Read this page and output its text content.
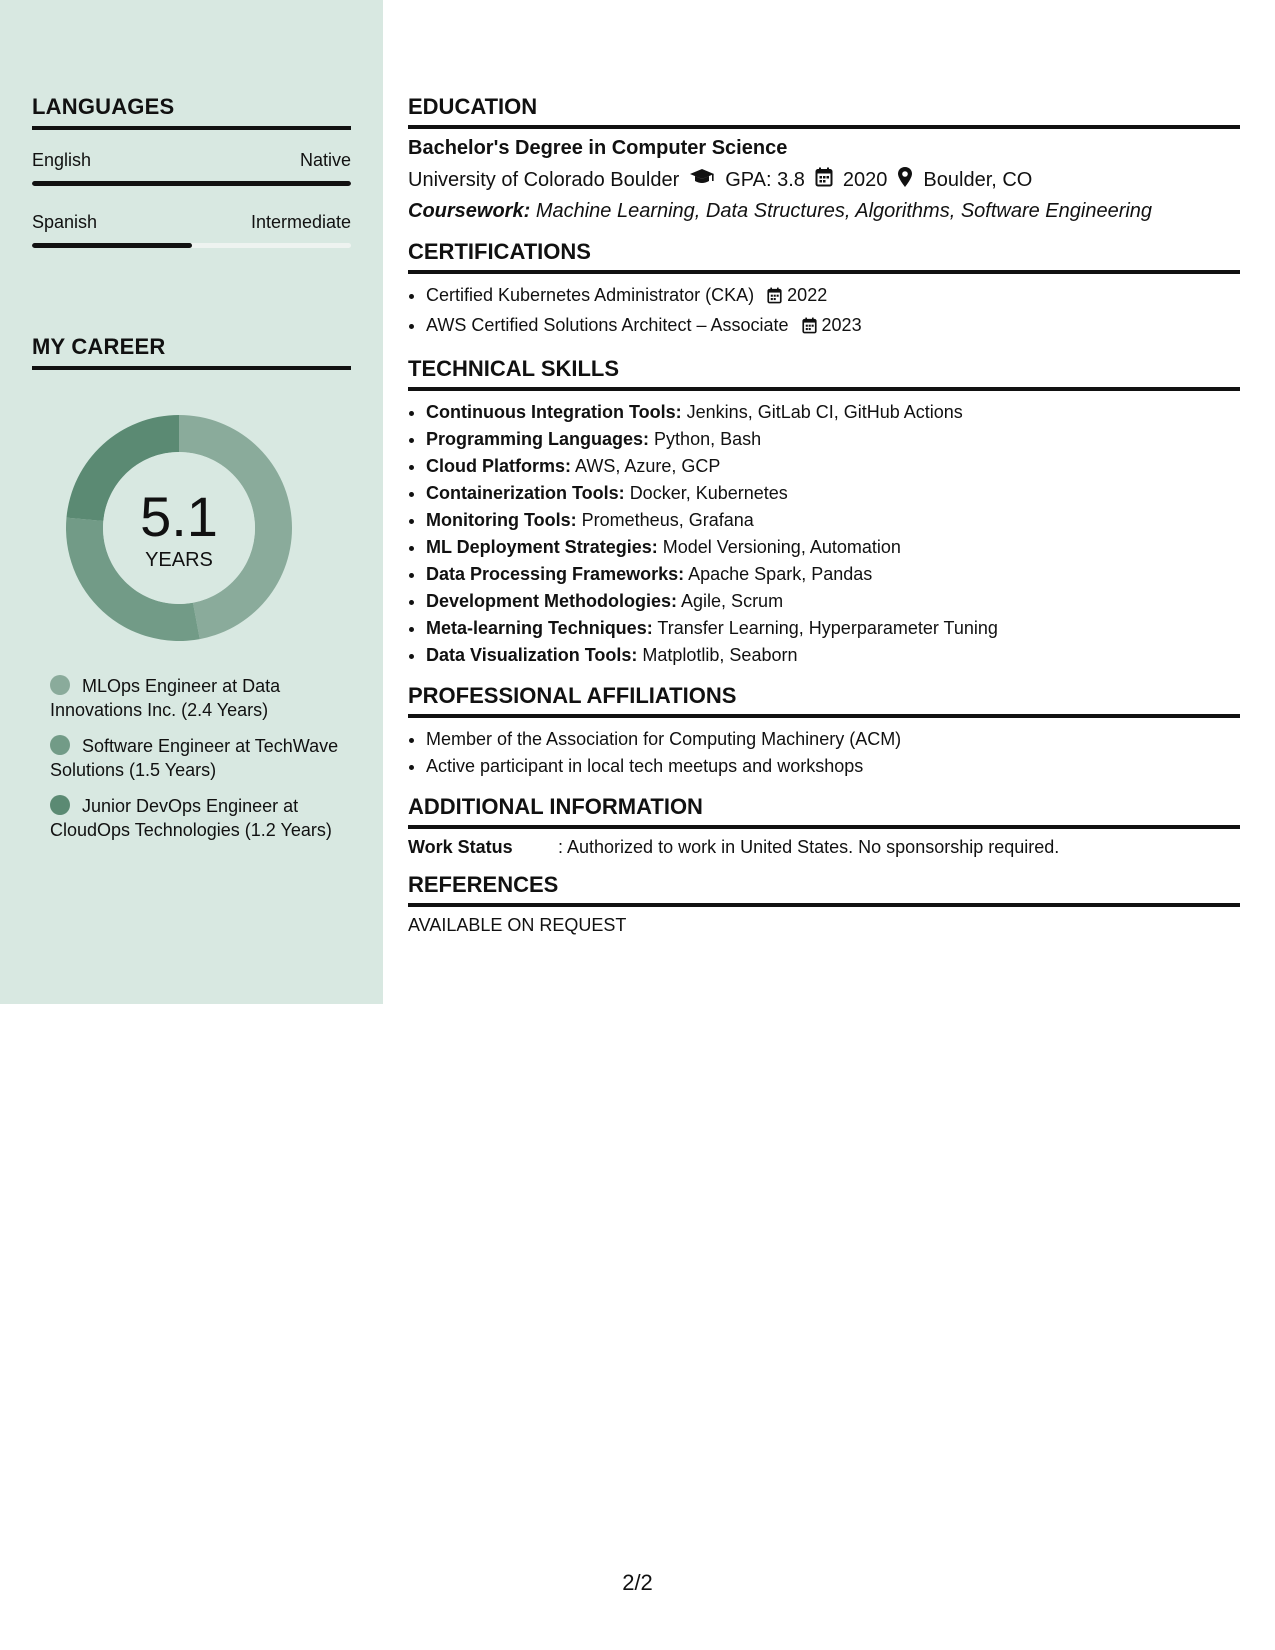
LANGUAGES
English	Native
Spanish	Intermediate
MY CAREER
5.1
YEARS
MLOps Engineer at Data Innovations Inc. (2.4 Years)
Software Engineer at TechWave Solutions (1.5 Years)
Junior DevOps Engineer at CloudOps Technologies (1.2 Years)
EDUCATION
Bachelor's Degree in Computer Science
University of Colorado Boulder GPA: 3.8 2020 Boulder, CO
Coursework: Machine Learning, Data Structures, Algorithms, Software Engineering
CERTIFICATIONS
• Certified Kubernetes Administrator (CKA) 2022
• AWS Certified Solutions Architect – Associate 2023
TECHNICAL SKILLS
• Continuous Integration Tools: Jenkins, GitLab CI, GitHub Actions
• Programming Languages: Python, Bash
• Cloud Platforms: AWS, Azure, GCP
• Containerization Tools: Docker, Kubernetes
• Monitoring Tools: Prometheus, Grafana
• ML Deployment Strategies: Model Versioning, Automation
• Data Processing Frameworks: Apache Spark, Pandas
• Development Methodologies: Agile, Scrum
• Meta-learning Techniques: Transfer Learning, Hyperparameter Tuning
• Data Visualization Tools: Matplotlib, Seaborn
PROFESSIONAL AFFILIATIONS
• Member of the Association for Computing Machinery (ACM)
• Active participant in local tech meetups and workshops
ADDITIONAL INFORMATION
Work Status	: Authorized to work in United States. No sponsorship required.
REFERENCES
AVAILABLE ON REQUEST
2/2
